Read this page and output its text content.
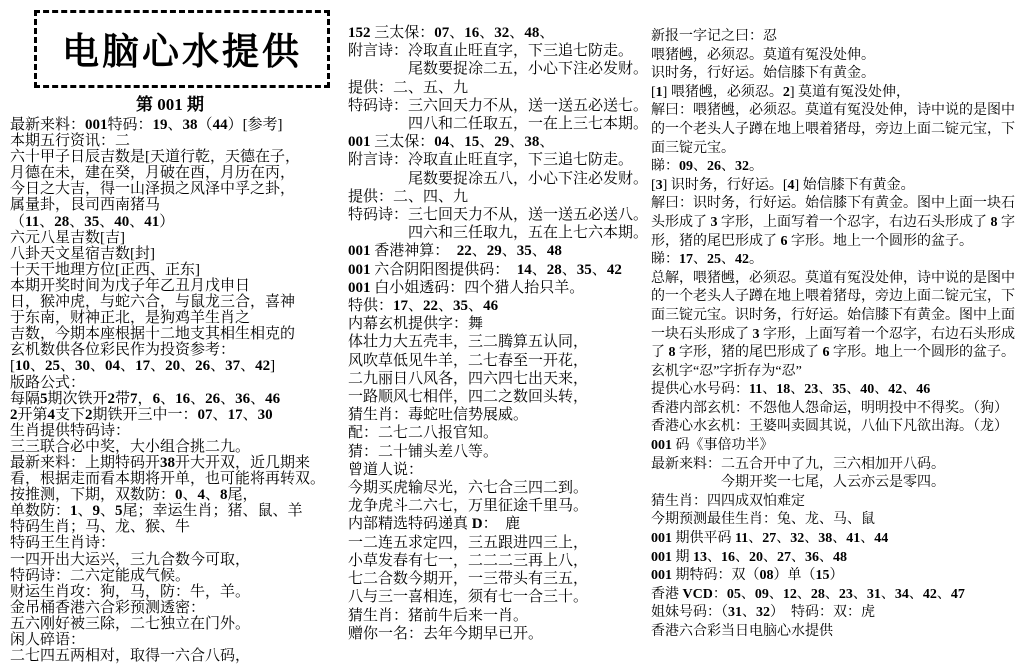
电脑心水提供
第 001 期
最新来料：001特码：19、38（44）[参考]
本期五行资讯：二
六十甲子日辰吉数是[天道行乾，天德在子，
月德在未，建在癸，月破在酉，月历在丙，
今日之大吉，得一山泽损之风泽中孚之卦，
属量卦，艮司西南猪马
（11、28、35、40、41）
六元八星吉数[吉]
八卦天文星宿吉数[封]
十天干地理方位[正西、正东]
本期开奖时间为戊子年乙丑月戊申日
日，猴冲虎，与蛇六合，与鼠龙三合，喜神
于东南，财神正北，是狗鸡羊生肖之
吉数，今期本座根据十二地支其相生相克的
玄机数供各位彩民作为投资参考：
[10、25、30、04、17、20、26、37、42]
版路公式：
每隔5期次铁开2带7，6、16、26、36、46
2开第4支下2期铁开三中一：07、17、30
生肖提供特码诗：
三三联合必中奖，大小组合挑二九。
最新来料：上期特码开38开大开双，近几期来
看，根据走而看本期将开单，也可能将再转双。
按推测，下期，双数防：0、4、8尾，
单数防：1、9、5尾；幸运生肖；猪、鼠、羊
特码生肖；马、龙、猴、牛
特码王生肖诗：
一四开出大运兴，三九合数今可取，
特码诗：二六定能成气候。
财运生肖攻：狗，马，防：牛，羊。
金吊桶香港六合彩预测透密：
五六刚好被三除，二七独立在门外。
闲人碎语：
二七四五两相对，取得一六合八码，
152 三太保：07、16、32、48、
附言诗：冷取直止旺直字，下三追七防走。
　　　　尾数要捉凃二五，小心下注必发财。
提供：二、五、九
特码诗：三六回天力不从，送一送五必送七。
　　　　四八和二任取五，一在上三七本期。
001 三太保：04、15、29、38、
附言诗：冷取直止旺直字，下三追七防走。
　　　　尾数要捉凃五八，小心下注必发财。
提供：二、四、九
特码诗：三七回天力不从，送一送五必送八。
　　　　四六和三任取九，五在上七六本期。
001 香港神算：　22、29、35、48
001 六合阴阳图提供码：　14、28、35、42
001 白小姐透码：四个猎人抬只羊。
特供：17、22、35、46
内幕玄机提供字：舞
体壮力大五壳丰，三二腾算五认同，
风吹草低见牛羊，二七春至一开花，
二九丽日八风各，四六四七出天来，
一路顺风七相伴，四二之数回头转，
猜生肖：毒蛇吐信势展威。
配：二七二八报官知。
猜：二十铺头差八等。
曾道人说：
今期买虎输尽光，六七合三四二到。
龙争虎斗二六七，万里征途千里马。
内部精选特码递真 D：　鹿
一二连五求定四，三五跟进四三上，
小草发春有七一，二二二三再上八，
七二合数今期开，一三带头有三五，
八与三一喜相连，须有七一合三十。
猜生肖：猪前牛后来一肖。
赠你一名：去年今期早已开。
新报一字记之曰：忍
喂猪乸，必须忍。莫道有冤没处伸。
识时务，行好运。始信膝下有黄金。
[1] 喂猪乸，必须忍。2] 莫道有冤没处伸，
解曰：喂猪乸，必须忍。莫道有冤没处伸，诗中说的是图中
的一个老头人子蹲在地上喂着猪母，旁边上面二锭元宝，下
面三锭元宝。
睇：09、26、32。
[3] 识时务，行好运。[4] 始信膝下有黄金。
解曰：识时务，行好运。始信膝下有黄金。图中上面一块石
头形成了 3 字形，上面写着一个忍字，右边石头形成了 8 字
形，猪的尾巴形成了 6 字形。地上一个圆形的盆子。
睇：17、25、42。
总解，喂猪乸，必须忍。莫道有冤没处伸，诗中说的是图中
的一个老头人子蹲在地上喂着猪母，旁边上面二锭元宝，下
面三锭元宝。识时务，行好运。始信膝下有黄金。图中上面
一块石头形成了 3 字形，上面写着一个忍字，右边石头形成
了 8 字形，猪的尾巴形成了 6 字形。地上一个圆形的盆子。
玄机字“忍”字折存为“忍”
提供心水号码：11、18、23、35、40、42、46
香港内部玄机：不怨他人怨命运，明明投中不得奖。（狗）
香港心水玄机：王婆叫卖圆其说，八仙下凡欲出海。（龙）
001 码《事倍功半》
最新来料：二五合开中了九，三六相加开八码。
　　　　　今期开奖一七尾，人云亦云是零四。
猜生肖：四四成双怕难定
今期预测最佳生肖：兔、龙、马、鼠
001 期供平码 11、27、32、38、41、44
001 期 13、16、20、27、36、48
001 期特码：双（08）单（15）
香港 VCD：05、09、12、28、23、31、34、42、47
姐妹号码：（31、32）　特码：双：虎
香港六合彩当日电脑心水提供
